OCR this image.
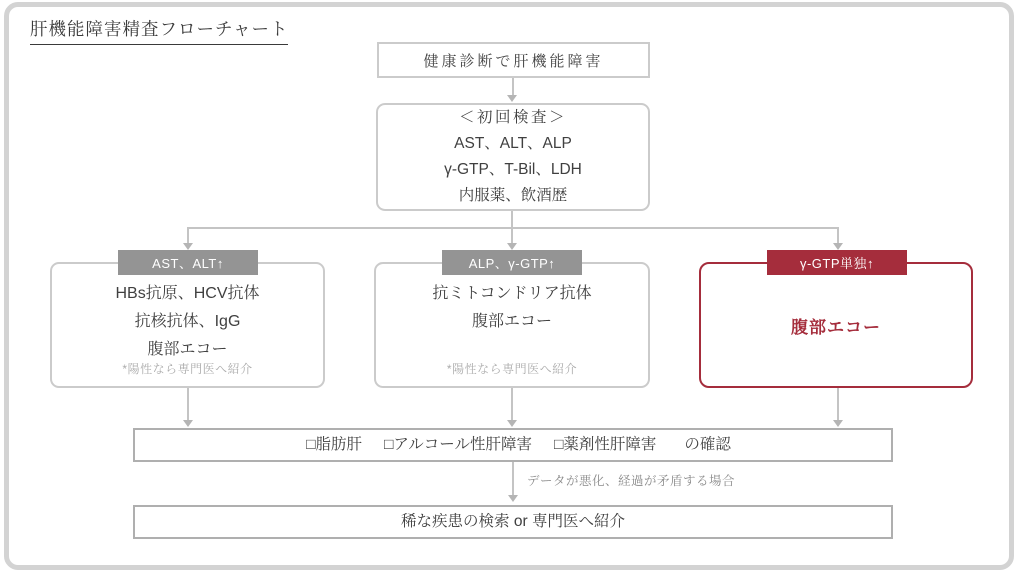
肝機能障害精査フローチャート
健康診断で肝機能障害
＜初回検査＞
AST、ALT、ALP
γ-GTP、T-Bil、LDH
内服薬、飲酒歴
AST、ALT↑	ALP、γ-GTP↑	γ-GTP単独↑
HBs抗原、HCV抗体
抗核抗体、IgG
腹部エコー
*陽性なら専門医へ紹介
抗ミトコンドリア抗体
腹部エコー
*陽性なら専門医へ紹介
腹部エコー
□脂肪肝 □アルコール性肝障害 □薬剤性肝障害 の確認
データが悪化、経過が矛盾する場合
稀な疾患の検索 or 専門医へ紹介
